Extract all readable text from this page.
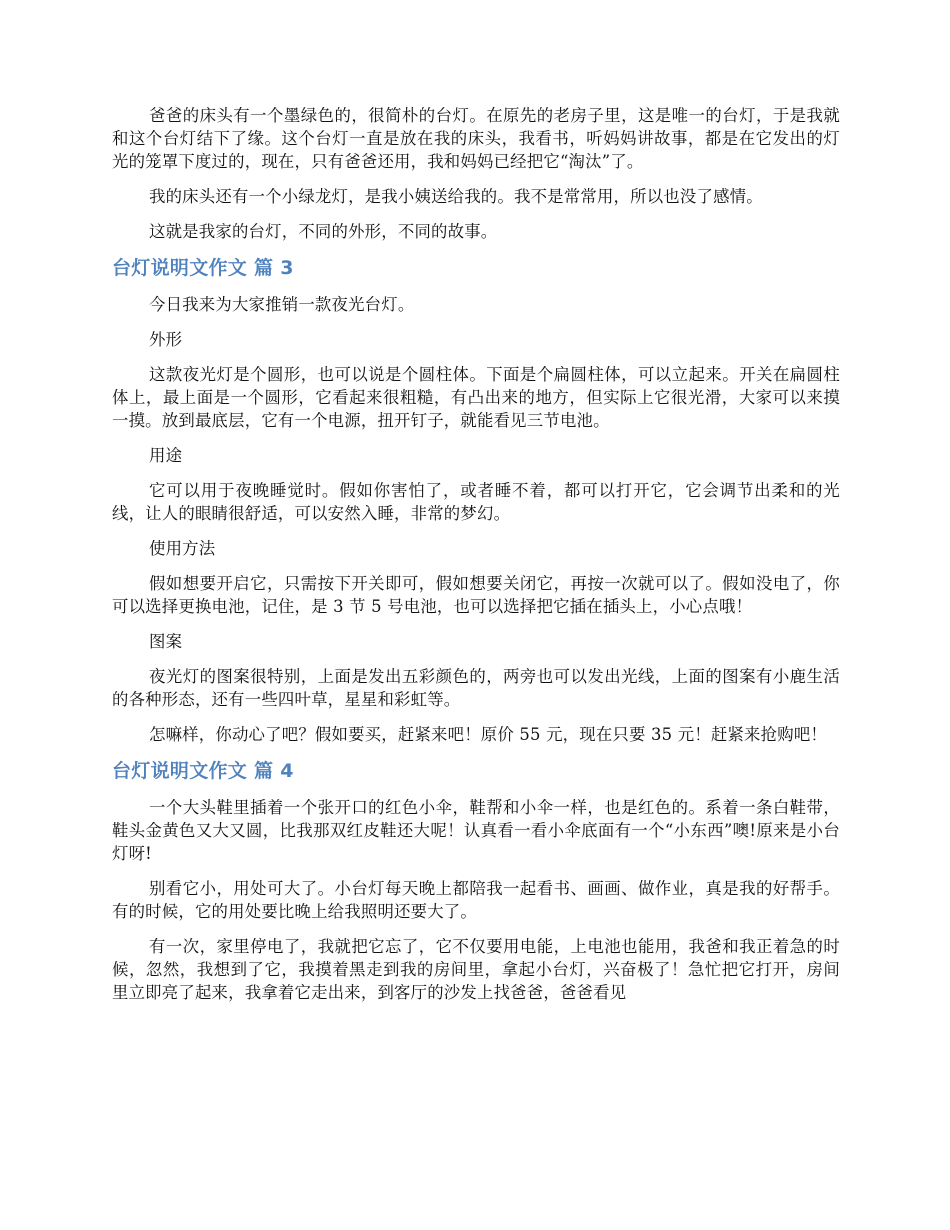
爸爸的床头有一个墨绿色的，很简朴的台灯。在原先的老房子里，这是唯一的台灯，于是我就和这个台灯结下了缘。这个台灯一直是放在我的床头，我看书，听妈妈讲故事，都是在它发出的灯光的笼罩下度过的，现在，只有爸爸还用，我和妈妈已经把它“淘汰”了。

我的床头还有一个小绿龙灯，是我小姨送给我的。我不是常常用，所以也没了感情。

这就是我家的台灯，不同的外形，不同的故事。

台灯说明文作文 篇 3

今日我来为大家推销一款夜光台灯。

外形

这款夜光灯是个圆形，也可以说是个圆柱体。下面是个扁圆柱体，可以立起来。开关在扁圆柱体上，最上面是一个圆形，它看起来很粗糙，有凸出来的地方，但实际上它很光滑，大家可以来摸一摸。放到最底层，它有一个电源，扭开钉子，就能看见三节电池。

用途

它可以用于夜晚睡觉时。假如你害怕了，或者睡不着，都可以打开它，它会调节出柔和的光线，让人的眼睛很舒适，可以安然入睡，非常的梦幻。

使用方法

假如想要开启它，只需按下开关即可，假如想要关闭它，再按一次就可以了。假如没电了，你可以选择更换电池，记住，是 3 节 5 号电池，也可以选择把它插在插头上，小心点哦！

图案

夜光灯的图案很特别，上面是发出五彩颜色的，两旁也可以发出光线，上面的图案有小鹿生活的各种形态，还有一些四叶草，星星和彩虹等。

怎嘛样，你动心了吧？假如要买，赶紧来吧！原价 55 元，现在只要 35 元！赶紧来抢购吧！

台灯说明文作文 篇 4

一个大头鞋里插着一个张开口的红色小伞，鞋帮和小伞一样，也是红色的。系着一条白鞋带，鞋头金黄色又大又圆，比我那双红皮鞋还大呢！认真看一看小伞底面有一个“小东西”噢!原来是小台灯呀!

别看它小，用处可大了。小台灯每天晚上都陪我一起看书、画画、做作业，真是我的好帮手。有的时候，它的用处要比晚上给我照明还要大了。

有一次，家里停电了，我就把它忘了，它不仅要用电能，上电池也能用，我爸和我正着急的时候，忽然，我想到了它，我摸着黑走到我的房间里，拿起小台灯，兴奋极了！急忙把它打开，房间里立即亮了起来，我拿着它走出来，到客厅的沙发上找爸爸，爸爸看见
